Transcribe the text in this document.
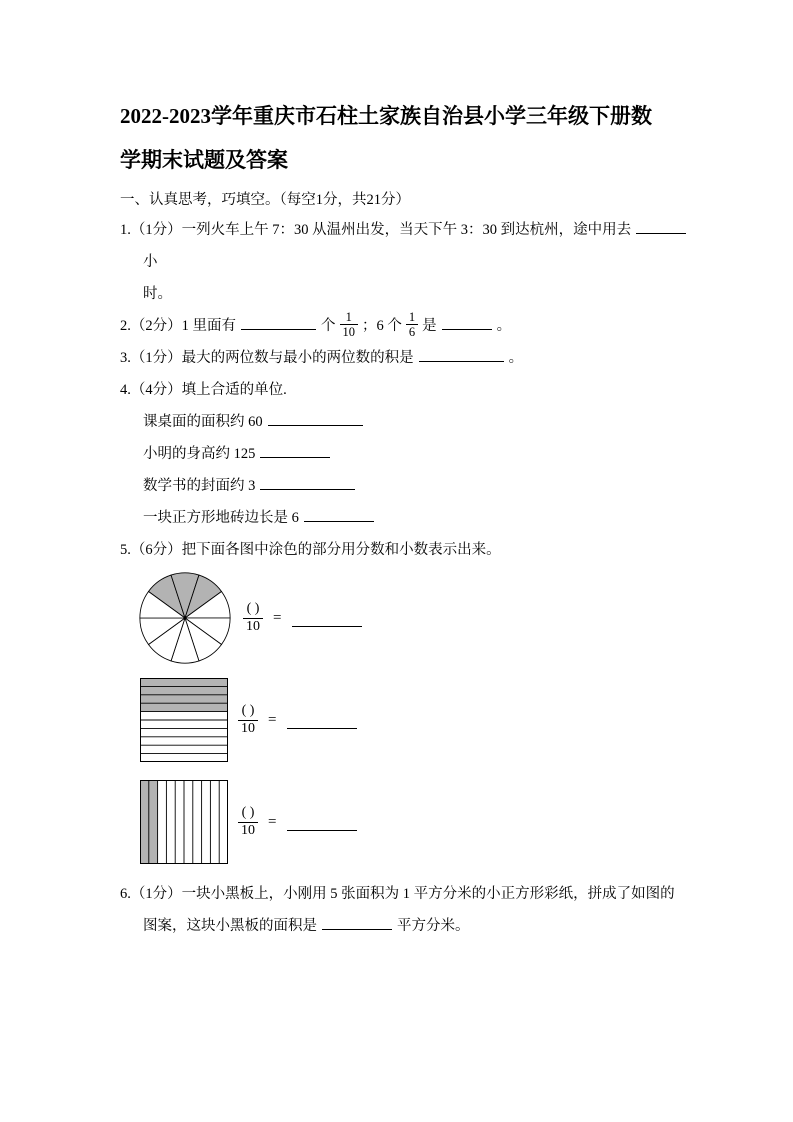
2022-2023学年重庆市石柱土家族自治县小学三年级下册数
学期末试题及答案

一、认真思考，巧填空。（每空1分，共21分）

1.（1分）一列火车上午 7：30 从温州出发，当天下午 3：30 到达杭州，途中用去小
时。

2.（2分）1 里面有	个 $\frac{1}{10}$ ；6 个 $\frac{1}{6}$ 是	。

3.（1分）最大的两位数与最小的两位数的积是	。

4.（4分）填上合适的单位.

课桌面的面积约 60

小明的身高约 125

数学书的封面约 3

一块正方形地砖边长是 6

5.（6分）把下面各图中涂色的部分用分数和小数表示出来。

$\frac{( )}{10}$ =
$\frac{( )}{10}$ =
$\frac{( )}{10}$ =

6.（1分）一块小黑板上，小刚用 5 张面积为 1 平方分米的小正方形彩纸，拼成了如图的
图案，这块小黑板的面积是	平方分米。
